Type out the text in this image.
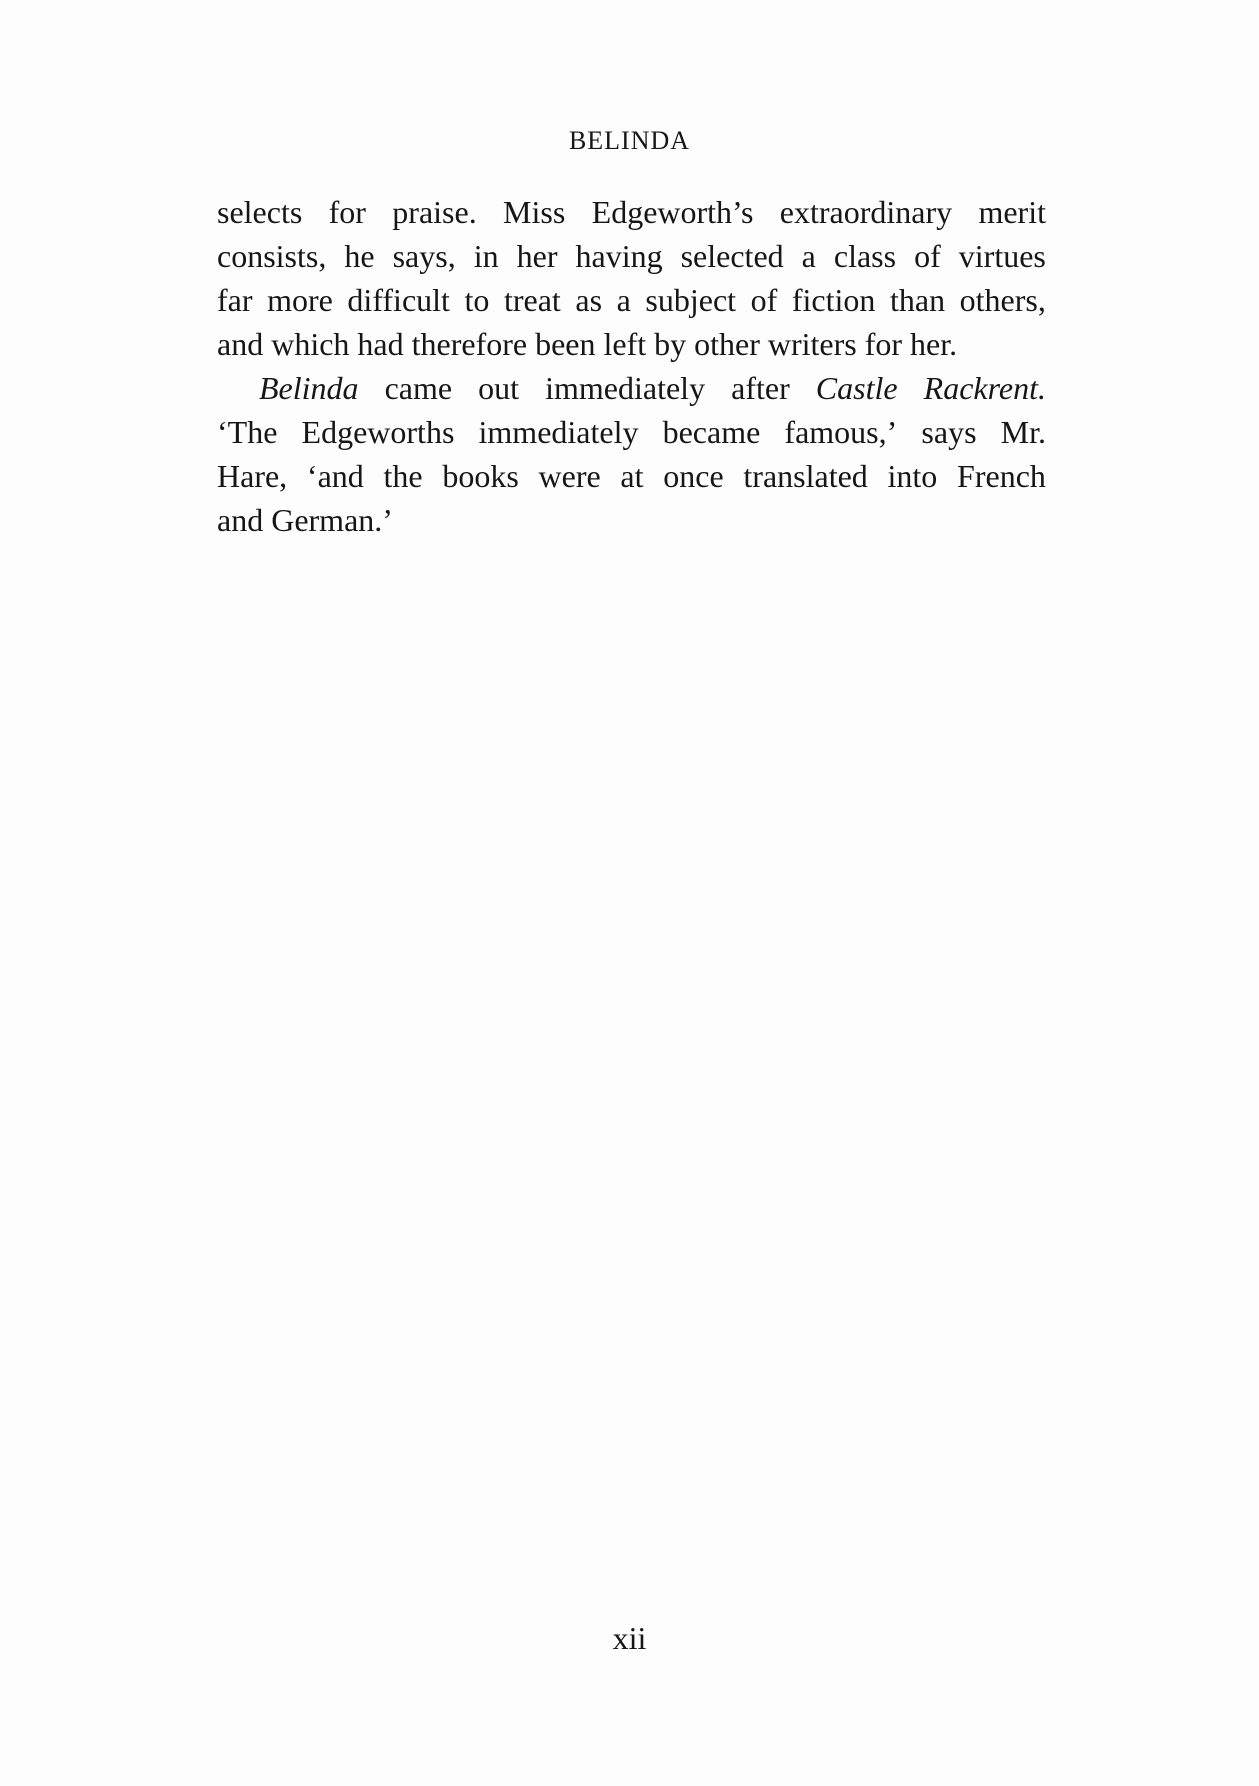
BELINDA
selects for praise. Miss Edgeworth’s extraordinary merit
consists, he says, in her having selected a class of virtues
far more difficult to treat as a subject of fiction than others,
and which had therefore been left by other writers for her.
Belinda came out immediately after Castle Rackrent.
‘The Edgeworths immediately became famous,’ says Mr.
Hare, ‘and the books were at once translated into French
and German.’
xii
